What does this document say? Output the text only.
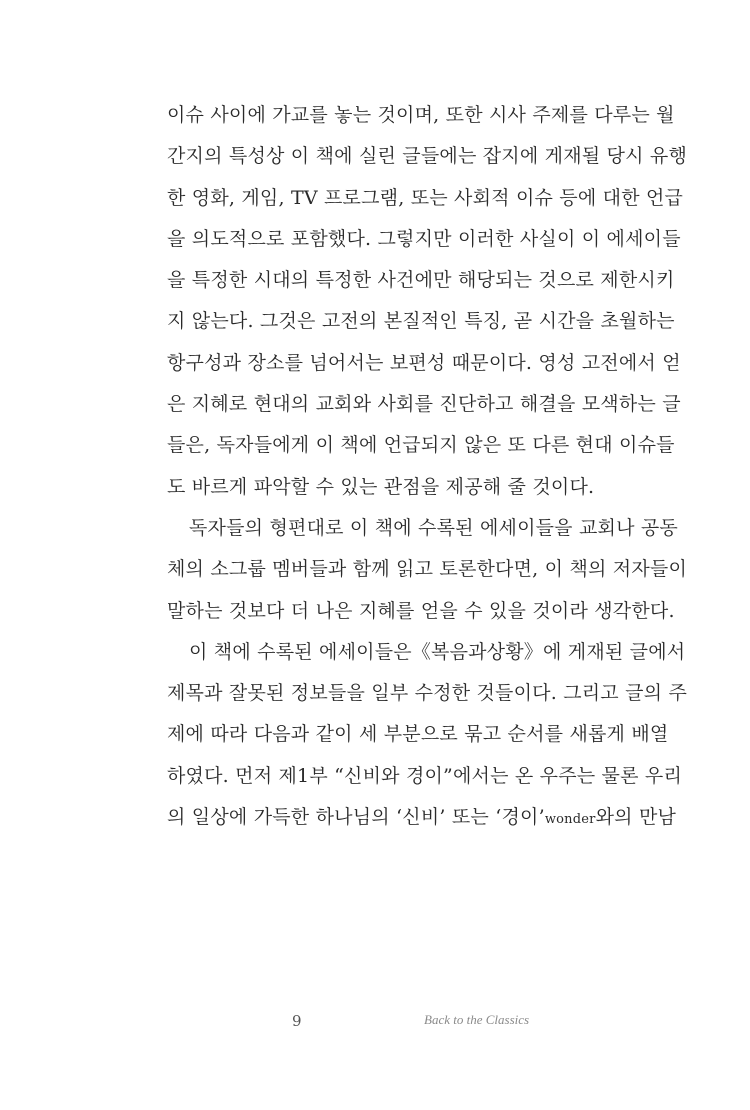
이슈 사이에 가교를 놓는 것이며, 또한 시사 주제를 다루는 월
간지의 특성상 이 책에 실린 글들에는 잡지에 게재될 당시 유행
한 영화, 게임, TV 프로그램, 또는 사회적 이슈 등에 대한 언급
을 의도적으로 포함했다. 그렇지만 이러한 사실이 이 에세이들
을 특정한 시대의 특정한 사건에만 해당되는 것으로 제한시키
지 않는다. 그것은 고전의 본질적인 특징, 곧 시간을 초월하는
항구성과 장소를 넘어서는 보편성 때문이다. 영성 고전에서 얻
은 지혜로 현대의 교회와 사회를 진단하고 해결을 모색하는 글
들은, 독자들에게 이 책에 언급되지 않은 또 다른 현대 이슈들
도 바르게 파악할 수 있는 관점을 제공해 줄 것이다.
독자들의 형편대로 이 책에 수록된 에세이들을 교회나 공동
체의 소그룹 멤버들과 함께 읽고 토론한다면, 이 책의 저자들이
말하는 것보다 더 나은 지혜를 얻을 수 있을 것이라 생각한다.
이 책에 수록된 에세이들은《복음과상황》에 게재된 글에서
제목과 잘못된 정보들을 일부 수정한 것들이다. 그리고 글의 주
제에 따라 다음과 같이 세 부분으로 묶고 순서를 새롭게 배열
하였다. 먼저 제1부 “신비와 경이”에서는 온 우주는 물론 우리
의 일상에 가득한 하나님의 ‘신비’ 또는 ‘경이’wonder와의 만남
9	Back to the Classics
